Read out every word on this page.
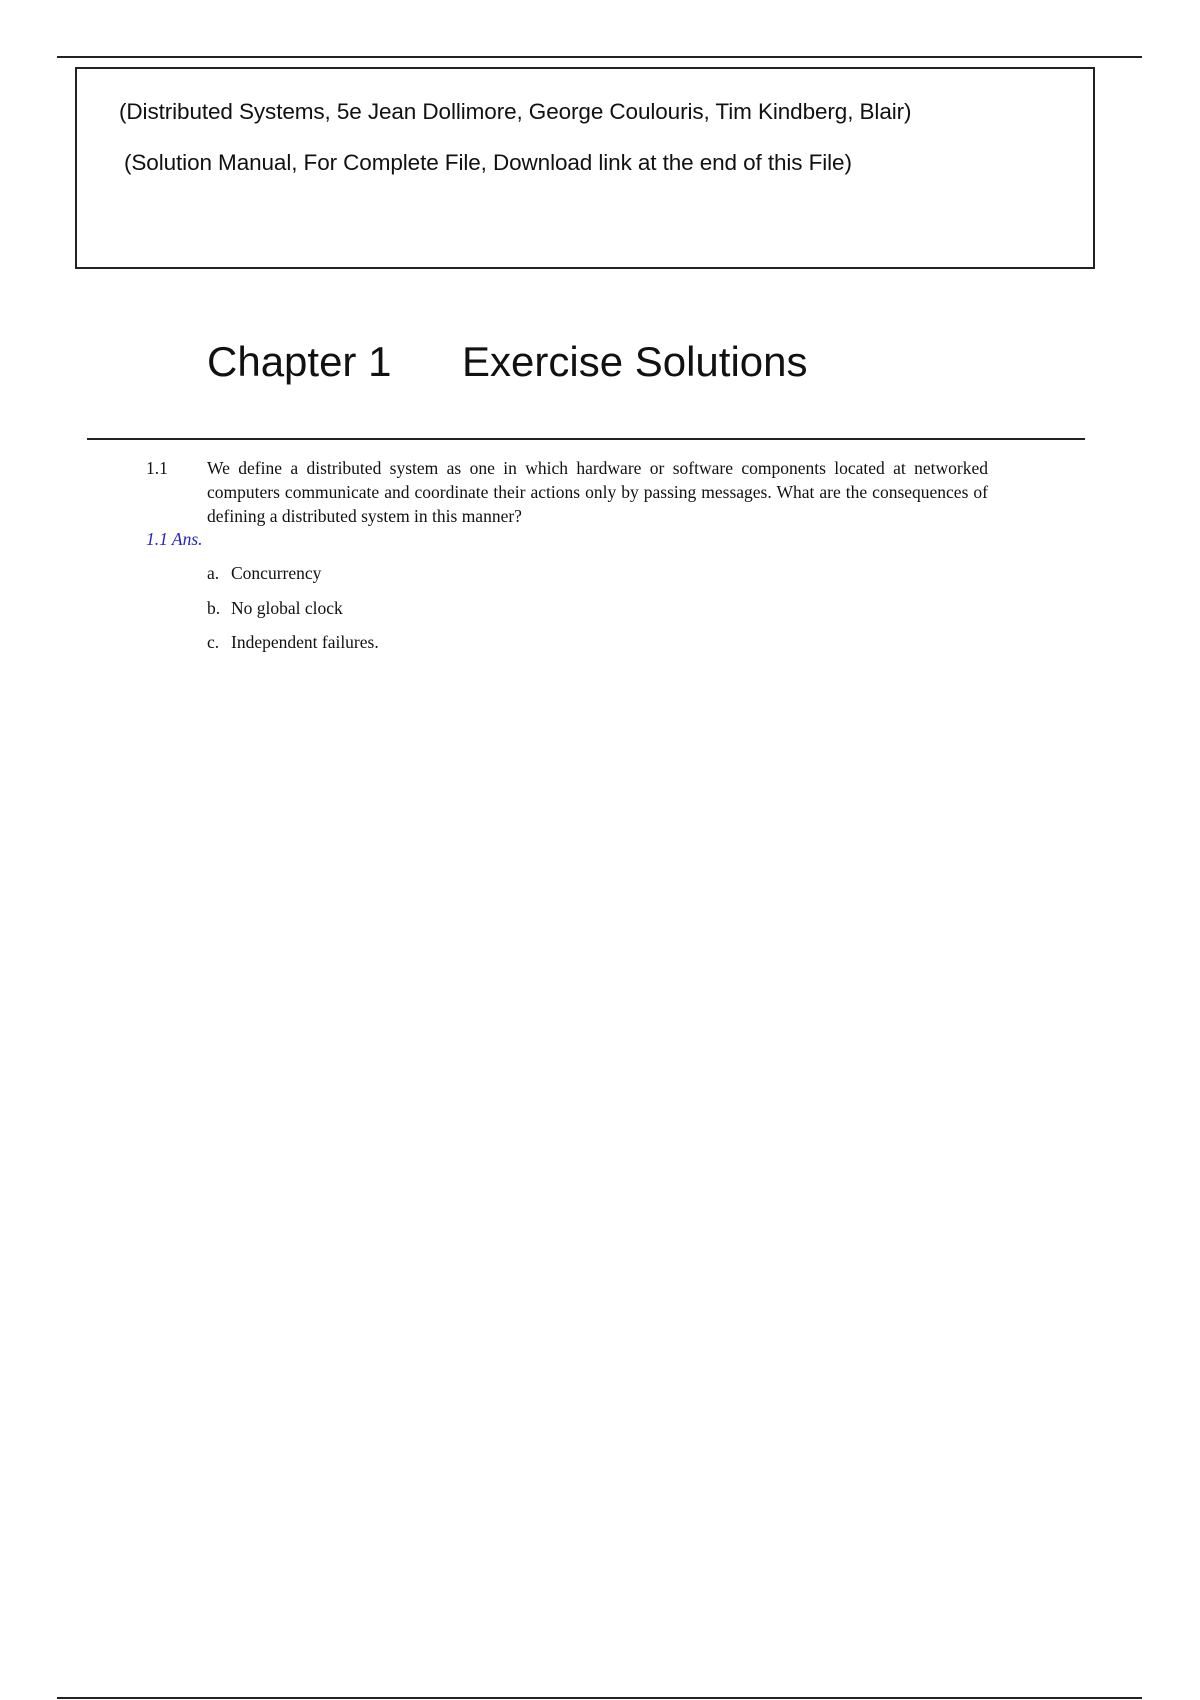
(Distributed Systems, 5e Jean Dollimore, George Coulouris, Tim Kindberg, Blair)
(Solution Manual, For Complete File, Download link at the end of this File)
Chapter 1 Exercise Solutions
1.1 We define a distributed system as one in which hardware or software components located at networked computers communicate and coordinate their actions only by passing messages. What are the consequences of defining a distributed system in this manner?
1.1 Ans.
a. Concurrency
b. No global clock
c. Independent failures.
